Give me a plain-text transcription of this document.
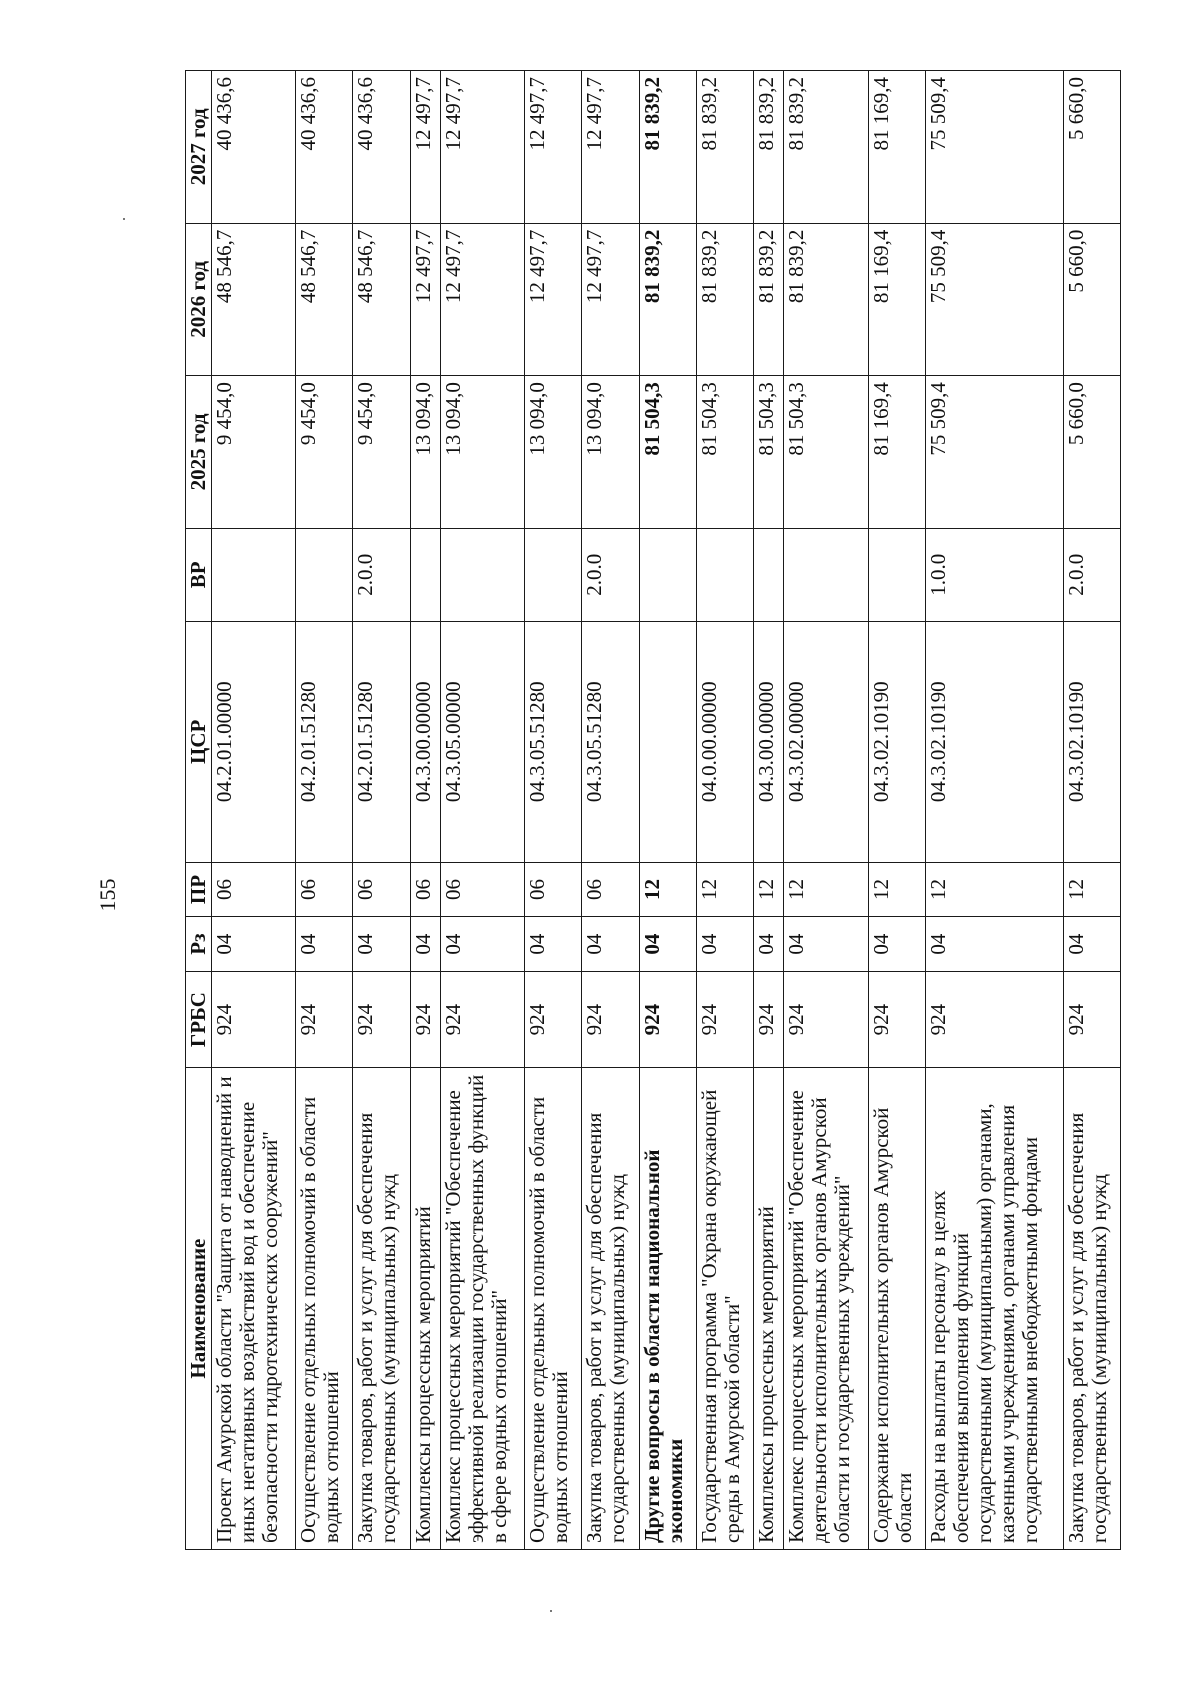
155
Наименование	ГРБС	Рз	ПР	ЦСР	ВР	2025 год	2026 год	2027 год
Проект Амурской области "Защита от наводнений и иных негативных воздействий вод и обеспечение безопасности гидротехнических сооружений"	924	04	06	04.2.01.00000		9 454,0	48 546,7	40 436,6
Осуществление отдельных полномочий в области водных отношений	924	04	06	04.2.01.51280		9 454,0	48 546,7	40 436,6
Закупка товаров, работ и услуг для обеспечения государственных (муниципальных) нужд	924	04	06	04.2.01.51280	2.0.0	9 454,0	48 546,7	40 436,6
Комплексы процессных мероприятий	924	04	06	04.3.00.00000		13 094,0	12 497,7	12 497,7
Комплекс процессных мероприятий "Обеспечение эффективной реализации государственных функций в сфере водных отношений"	924	04	06	04.3.05.00000		13 094,0	12 497,7	12 497,7
Осуществление отдельных полномочий в области водных отношений	924	04	06	04.3.05.51280		13 094,0	12 497,7	12 497,7
Закупка товаров, работ и услуг для обеспечения государственных (муниципальных) нужд	924	04	06	04.3.05.51280	2.0.0	13 094,0	12 497,7	12 497,7
Другие вопросы в области национальной экономики	924	04	12			81 504,3	81 839,2	81 839,2
Государственная программа "Охрана окружающей среды в Амурской области"	924	04	12	04.0.00.00000		81 504,3	81 839,2	81 839,2
Комплексы процессных мероприятий	924	04	12	04.3.00.00000		81 504,3	81 839,2	81 839,2
Комплекс процессных мероприятий "Обеспечение деятельности исполнительных органов Амурской области и государственных учреждений"	924	04	12	04.3.02.00000		81 504,3	81 839,2	81 839,2
Содержание исполнительных органов Амурской области	924	04	12	04.3.02.10190		81 169,4	81 169,4	81 169,4
Расходы на выплаты персоналу в целях обеспечения выполнения функций государственными (муниципальными) органами, казенными учреждениями, органами управления государственными внебюджетными фондами	924	04	12	04.3.02.10190	1.0.0	75 509,4	75 509,4	75 509,4
Закупка товаров, работ и услуг для обеспечения государственных (муниципальных) нужд	924	04	12	04.3.02.10190	2.0.0	5 660,0	5 660,0	5 660,0
